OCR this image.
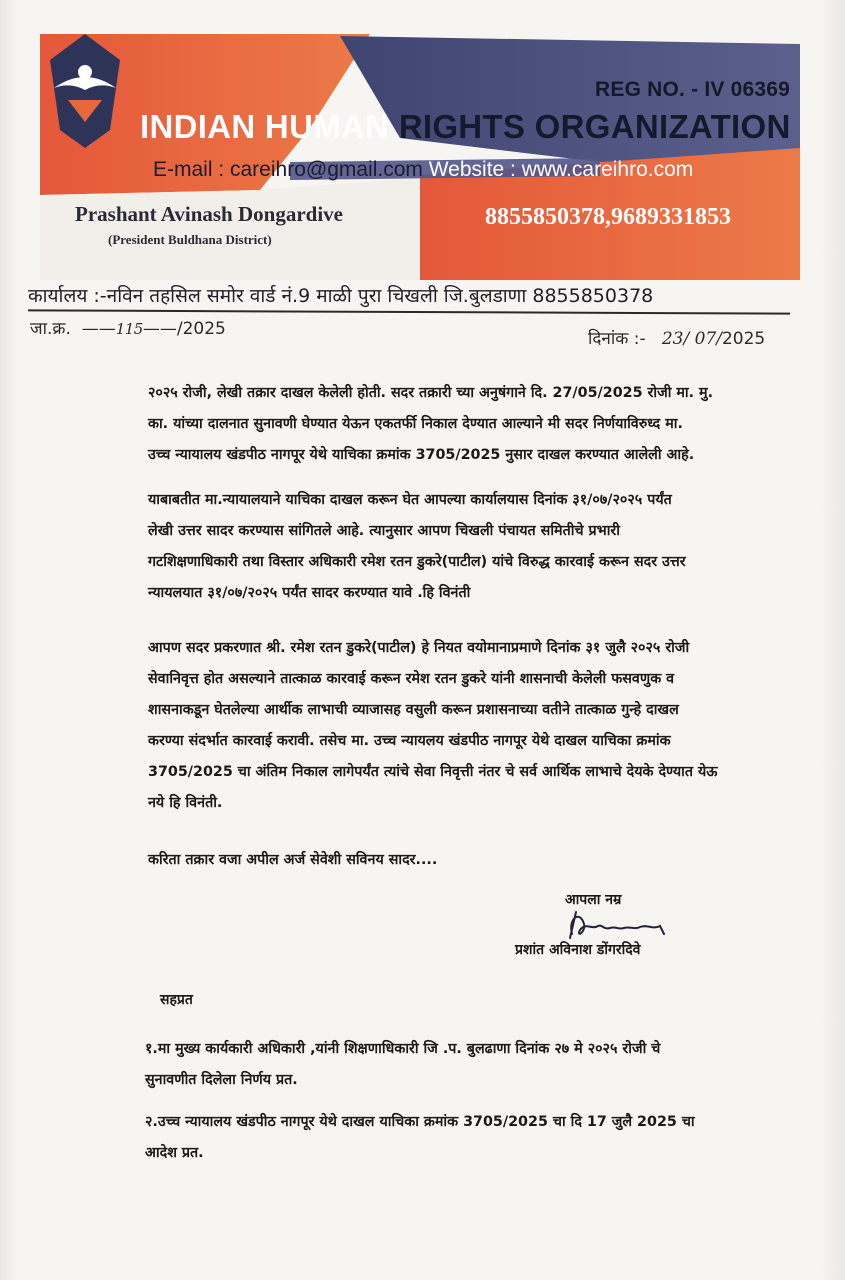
REG NO. - IV 06369
INDIAN HUMAN RIGHTS ORGANIZATION
E-mail : careihro@gmail.com Website : www.careihro.com
Prashant Avinash Dongardive
(President Buldhana District)
8855850378,9689331853
कार्यालय :-नविन तहसिल समोर वार्ड नं.9 माळी पुरा चिखली जि.बुलडाणा 8855850378
जा.क्र.  ——115——/2025	दिनांक :- 23/ 07/2025

२०२५ रोजी, लेखी तक्रार दाखल केलेली होती. सदर तक्रारी च्या अनुषंगाने दि. 27/05/2025 रोजी मा. मु.

का. यांच्या दालनात सुनावणी घेण्यात येऊन एकतर्फी निकाल देण्यात आल्याने मी सदर निर्णयाविरुध्द मा.

उच्च न्यायालय खंडपीठ नागपूर येथे याचिका क्रमांक 3705/2025 नुसार दाखल करण्यात आलेली आहे.

याबाबतीत मा.न्यायालयाने याचिका दाखल करून घेत आपल्या कार्यालयास दिनांक ३१/०७/२०२५ पर्यंत

लेखी उत्तर सादर करण्यास सांगितले आहे. त्यानुसार आपण चिखली पंचायत समितीचे प्रभारी

गटशिक्षणाधिकारी तथा विस्तार अधिकारी रमेश रतन डुकरे(पाटील) यांचे विरुद्ध कारवाई करून सदर उत्तर

न्यायलयात ३१/०७/२०२५ पर्यंत सादर करण्यात यावे .हि विनंती

आपण सदर प्रकरणात श्री. रमेश रतन डुकरे(पाटील) हे नियत वयोमानाप्रमाणे दिनांक ३१ जुलै २०२५ रोजी

सेवानिवृत्त होत असल्याने तात्काळ कारवाई करून रमेश रतन डुकरे यांनी शासनाची केलेली फसवणुक व

शासनाकडून घेतलेल्या आर्थीक लाभाची व्याजासह वसुली करून प्रशासनाच्या वतीने तात्काळ गुन्हे दाखल

करण्या संदर्भात कारवाई करावी. तसेच मा. उच्च न्यायलय खंडपीठ नागपूर येथे दाखल याचिका क्रमांक

3705/2025 चा अंतिम निकाल लागेपर्यंत त्यांचे सेवा निवृत्ती नंतर चे सर्व आर्थिक लाभाचे देयके देण्यात येऊ

नये हि विनंती.

करिता तक्रार वजा अपील अर्ज सेवेशी सविनय सादर....

आपला नम्र
प्रशांत अविनाश डोंगरदिवे
सहप्रत

१.मा मुख्य कार्यकारी अधिकारी ,यांनी शिक्षणाधिकारी जि .प. बुलढाणा दिनांक २७ मे २०२५ रोजी चे

सुनावणीत दिलेला निर्णय प्रत.

२.उच्च न्यायालय खंडपीठ नागपूर येथे दाखल याचिका क्रमांक 3705/2025 चा दि 17 जुलै 2025 चा

आदेश प्रत.
